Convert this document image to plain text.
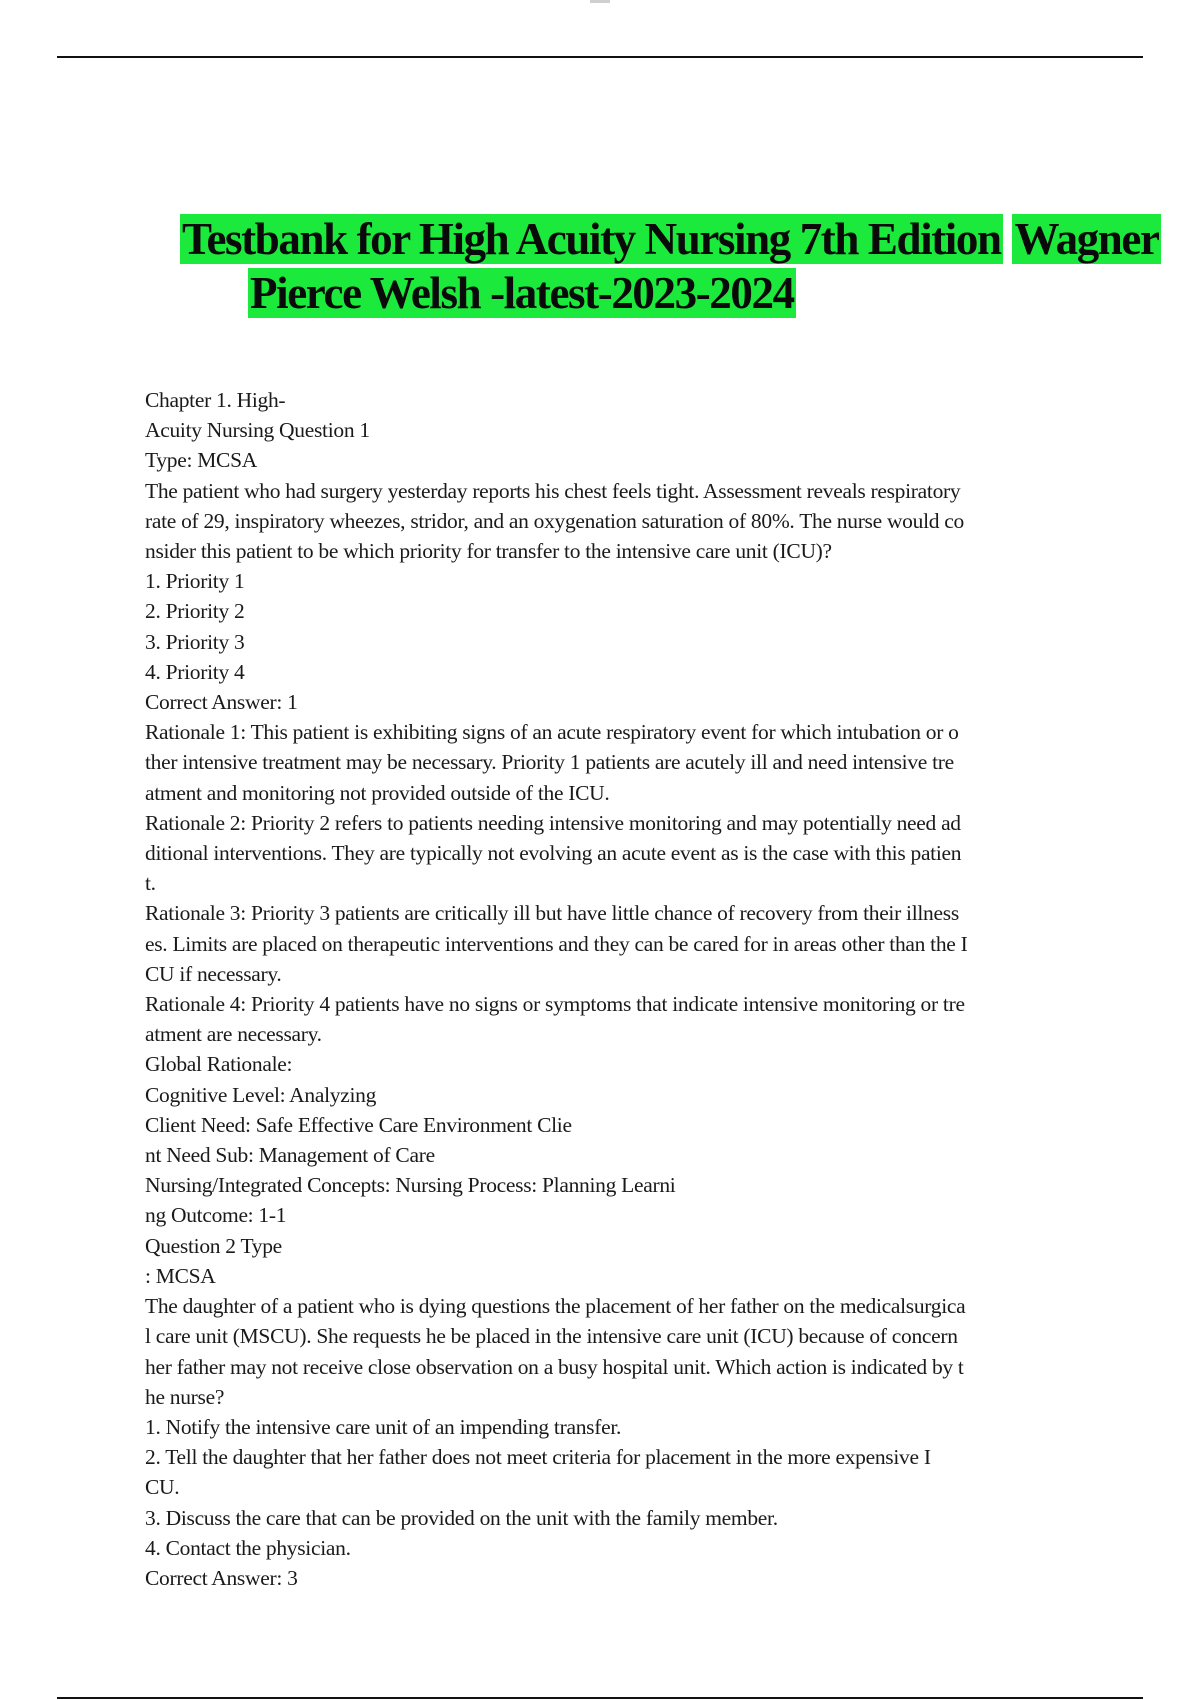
Testbank for High Acuity Nursing 7th Edition Wagner
Pierce Welsh -latest-2023-2024
Chapter 1. High-
Acuity Nursing Question 1
Type: MCSA
The patient who had surgery yesterday reports his chest feels tight. Assessment reveals respiratory
rate of 29, inspiratory wheezes, stridor, and an oxygenation saturation of 80%. The nurse would co
nsider this patient to be which priority for transfer to the intensive care unit (ICU)?
1. Priority 1
2. Priority 2
3. Priority 3
4. Priority 4
Correct Answer: 1
Rationale 1: This patient is exhibiting signs of an acute respiratory event for which intubation or o
ther intensive treatment may be necessary. Priority 1 patients are acutely ill and need intensive tre
atment and monitoring not provided outside of the ICU.
Rationale 2: Priority 2 refers to patients needing intensive monitoring and may potentially need ad
ditional interventions. They are typically not evolving an acute event as is the case with this patien
t.
Rationale 3: Priority 3 patients are critically ill but have little chance of recovery from their illness
es. Limits are placed on therapeutic interventions and they can be cared for in areas other than the I
CU if necessary.
Rationale 4: Priority 4 patients have no signs or symptoms that indicate intensive monitoring or tre
atment are necessary.
Global Rationale:
Cognitive Level: Analyzing
Client Need: Safe Effective Care Environment Clie
nt Need Sub: Management of Care
Nursing/Integrated Concepts: Nursing Process: Planning Learni
ng Outcome: 1-1
Question 2 Type
: MCSA
The daughter of a patient who is dying questions the placement of her father on the medicalsurgica
l care unit (MSCU). She requests he be placed in the intensive care unit (ICU) because of concern
her father may not receive close observation on a busy hospital unit. Which action is indicated by t
he nurse?
1. Notify the intensive care unit of an impending transfer.
2. Tell the daughter that her father does not meet criteria for placement in the more expensive I
CU.
3. Discuss the care that can be provided on the unit with the family member.
4. Contact the physician.
Correct Answer: 3
